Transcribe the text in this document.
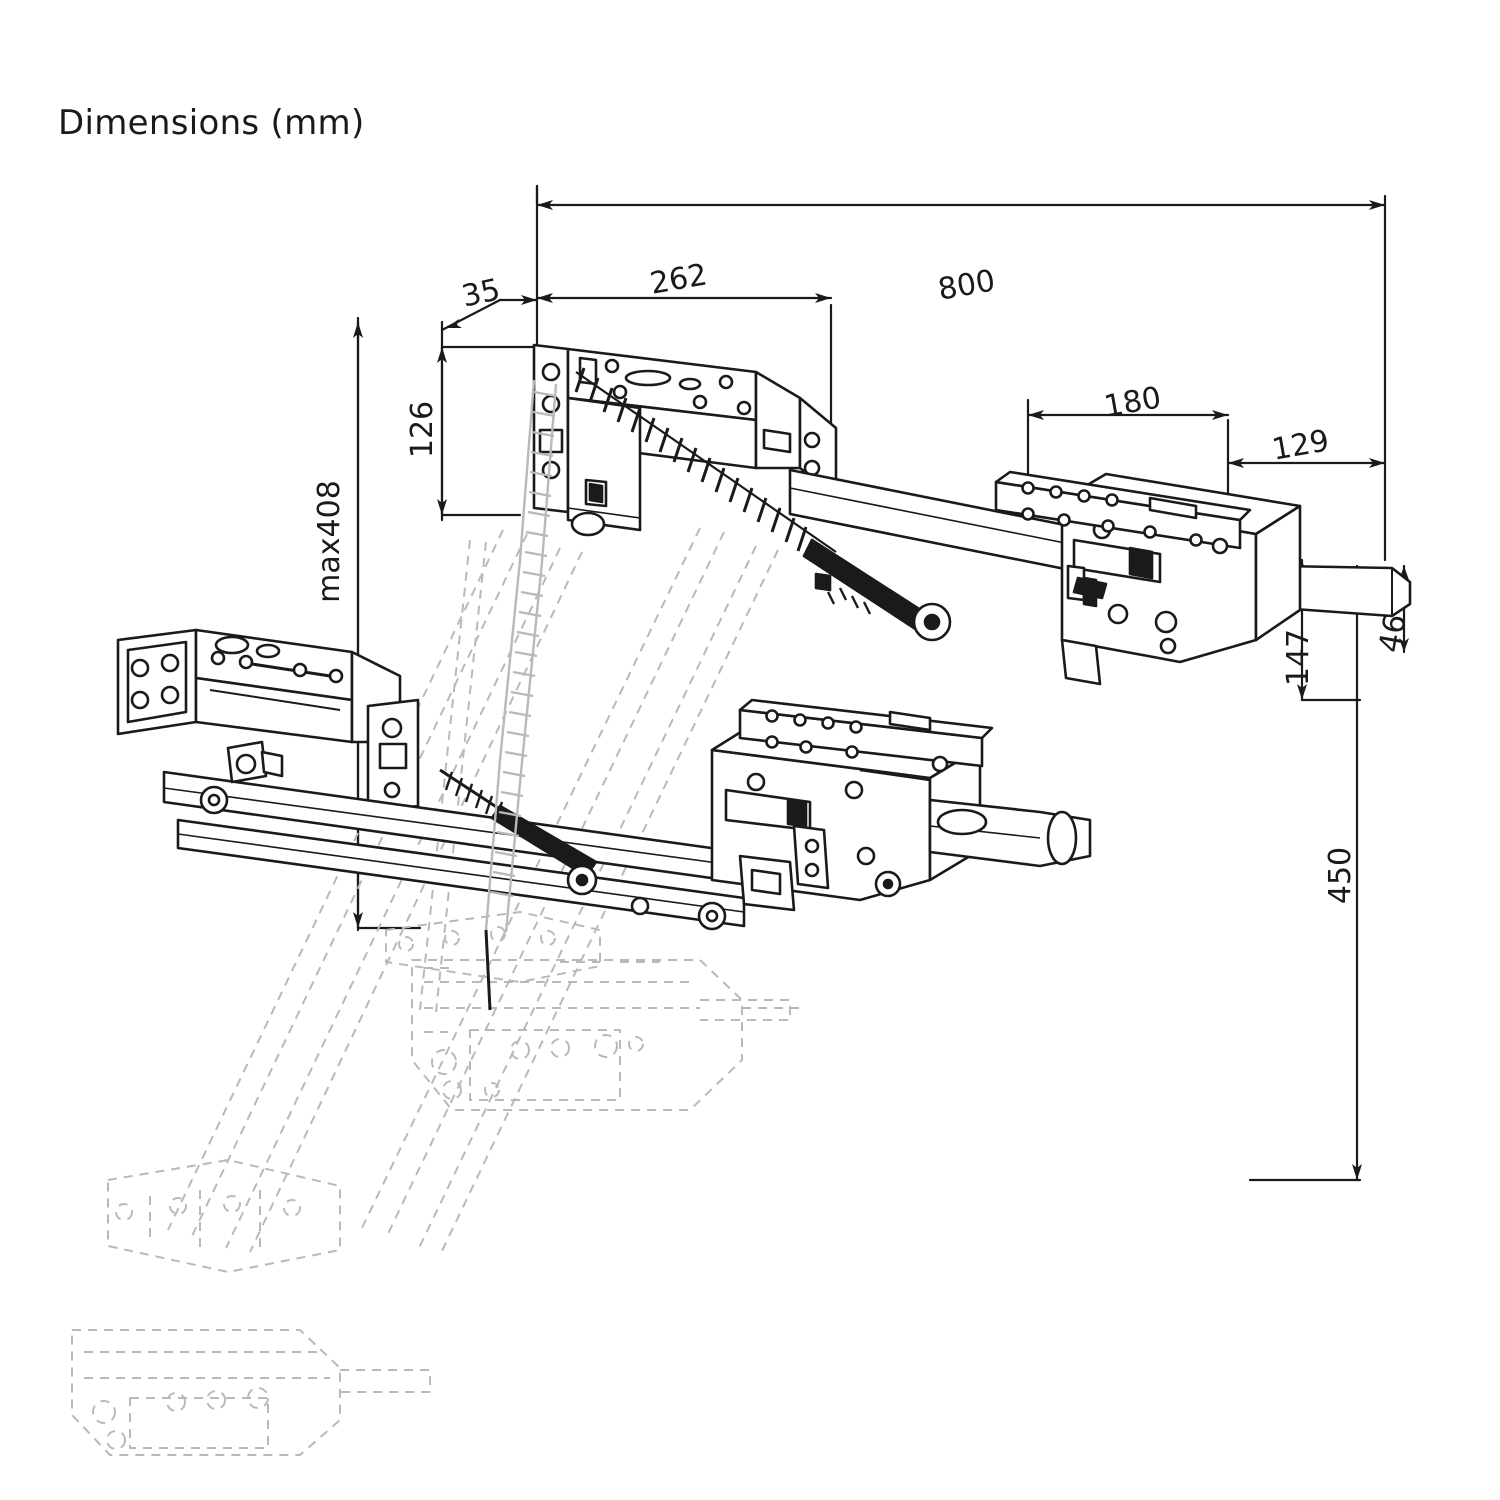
Dimensions (mm)
35	262	800
180
129
126
max408
147 46
450
